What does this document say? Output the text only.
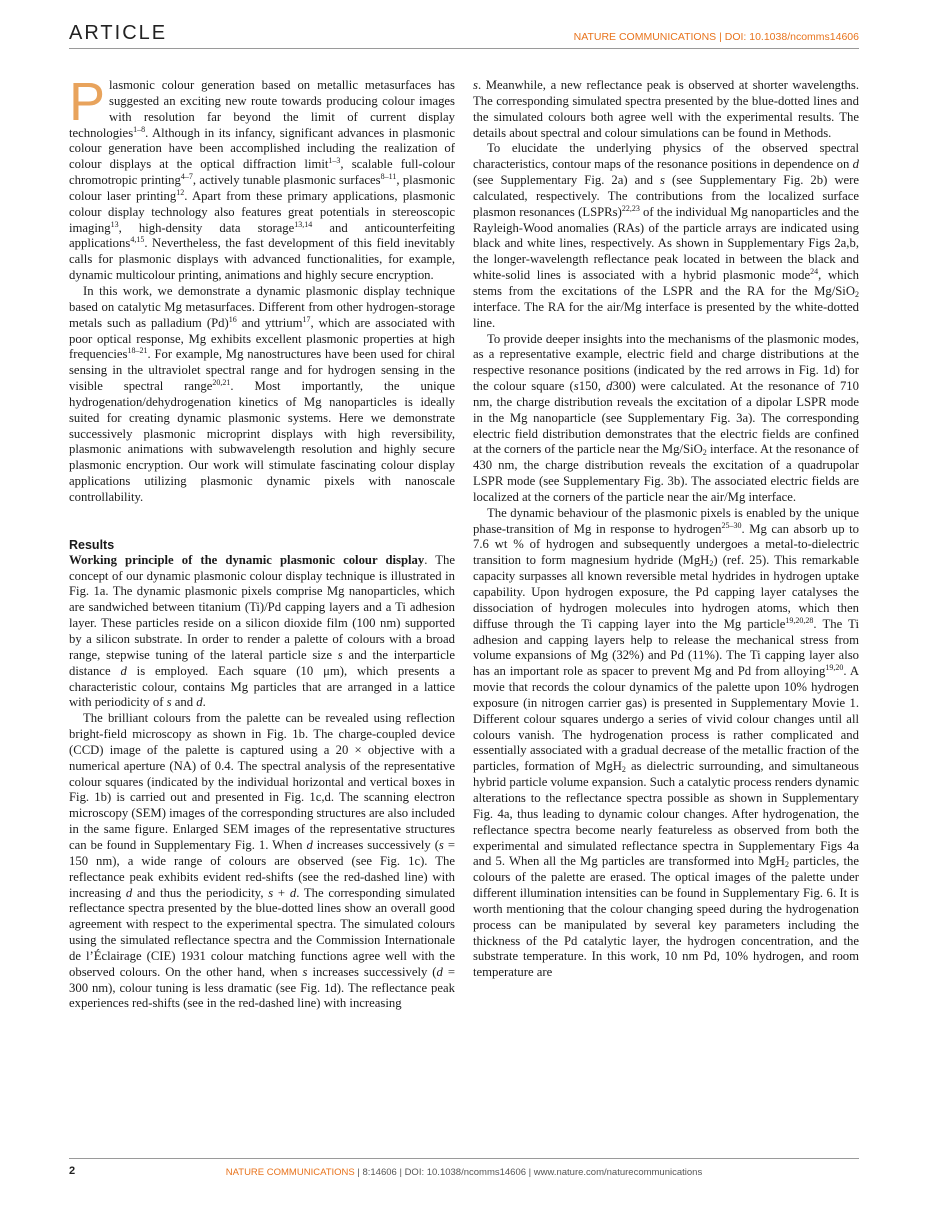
ARTICLE	NATURE COMMUNICATIONS | DOI: 10.1038/ncomms14606

Plasmonic colour generation based on metallic metasurfaces has suggested an exciting new route towards producing colour images with resolution far beyond the limit of current display technologies$^{1-8}$. Although in its infancy, significant advances in plasmonic colour generation have been accomplished including the realization of colour displays at the optical diffraction limit$^{1-3}$, scalable full-colour chromotropic printing$^{4-7}$, actively tunable plasmonic surfaces$^{8-11}$, plasmonic colour laser printing$^{12}$. Apart from these primary applications, plasmonic colour display technology also features great potentials in stereoscopic imaging$^{13}$, high-density data storage$^{13,14}$ and anticounterfeiting applications$^{4,15}$. Nevertheless, the fast development of this field inevitably calls for plasmonic displays with advanced functionalities, for example, dynamic multicolour printing, animations and highly secure encryption.

In this work, we demonstrate a dynamic plasmonic display technique based on catalytic Mg metasurfaces. Different from other hydrogen-storage metals such as palladium $(Pd)^{16}$ and yttrium$^{17}$, which are associated with poor optical response, Mg exhibits excellent plasmonic properties at high frequencies$^{18-21}$. For example, Mg nanostructures have been used for chiral sensing in the ultraviolet spectral range and for hydrogen sensing in the visible spectral range$^{20,21}$. Most importantly, the unique hydrogenation/dehydrogenation kinetics of Mg nanoparticles is ideally suited for creating dynamic plasmonic systems. Here we demonstrate successively plasmonic microprint displays with high reversibility, plasmonic animations with subwavelength resolution and highly secure plasmonic encryption. Our work will stimulate fascinating colour display applications utilizing plasmonic dynamic pixels with nanoscale controllability.

Results

Working principle of the dynamic plasmonic colour display. The concept of our dynamic plasmonic colour display technique is illustrated in Fig. 1a. The dynamic plasmonic pixels comprise Mg nanoparticles, which are sandwiched between titanium (Ti)/Pd capping layers and a Ti adhesion layer. These particles reside on a silicon dioxide film (100 nm) supported by a silicon substrate. In order to render a palette of colours with a broad range, stepwise tuning of the lateral particle size s and the interparticle distance d is employed. Each square (10 μm), which presents a characteristic colour, contains Mg particles that are arranged in a lattice with periodicity of s and d.

The brilliant colours from the palette can be revealed using reflection bright-field microscopy as shown in Fig. 1b. The charge-coupled device (CCD) image of the palette is captured using a 20 × objective with a numerical aperture (NA) of 0.4. The spectral analysis of the representative colour squares (indicated by the individual horizontal and vertical boxes in Fig. 1b) is carried out and presented in Fig. 1c,d. The scanning electron microscopy (SEM) images of the corresponding structures are also included in the same figure. Enlarged SEM images of the representative structures can be found in Supplementary Fig. 1. When d increases successively (s = 150 nm), a wide range of colours are observed (see Fig. 1c). The reflectance peak exhibits evident red-shifts (see the red-dashed line) with increasing d and thus the periodicity, s + d. The corresponding simulated reflectance spectra presented by the blue-dotted lines show an overall good agreement with respect to the experimental spectra. The simulated colours using the simulated reflectance spectra and the Commission Internationale de l’Éclairage (CIE) 1931 colour matching functions agree well with the observed colours. On the other hand, when s increases successively (d = 300 nm), colour tuning is less dramatic (see Fig. 1d). The reflectance peak experiences red-shifts (see in the red-dashed line) with increasing

s. Meanwhile, a new reflectance peak is observed at shorter wavelengths. The corresponding simulated spectra presented by the blue-dotted lines and the simulated colours both agree well with the experimental results. The details about spectral and colour simulations can be found in Methods.

To elucidate the underlying physics of the observed spectral characteristics, contour maps of the resonance positions in dependence on d (see Supplementary Fig. 2a) and s (see Supplementary Fig. 2b) were calculated, respectively. The contributions from the localized surface plasmon resonances (LSPRs)$^{22,23}$ of the individual Mg nanoparticles and the Rayleigh-Wood anomalies (RAs) of the particle arrays are indicated using black and white lines, respectively. As shown in Supplementary Figs 2a,b, the longer-wavelength reflectance peak located in between the black and white-solid lines is associated with a hybrid plasmonic mode$^{24}$, which stems from the excitations of the LSPR and the RA for the Mg/SiO$_2$ interface. The RA for the air/Mg interface is presented by the white-dotted line.

To provide deeper insights into the mechanisms of the plasmonic modes, as a representative example, electric field and charge distributions at the respective resonance positions (indicated by the red arrows in Fig. 1d) for the colour square (s150, d300) were calculated. At the resonance of 710 nm, the charge distribution reveals the excitation of a dipolar LSPR mode in the Mg nanoparticle (see Supplementary Fig. 3a). The corresponding electric field distribution demonstrates that the electric fields are confined at the corners of the particle near the Mg/SiO$_2$ interface. At the resonance of 430 nm, the charge distribution reveals the excitation of a quadrupolar LSPR mode (see Supplementary Fig. 3b). The associated electric fields are localized at the corners of the particle near the air/Mg interface.

The dynamic behaviour of the plasmonic pixels is enabled by the unique phase-transition of Mg in response to hydrogen$^{25-30}$. Mg can absorb up to 7.6 wt % of hydrogen and subsequently undergoes a metal-to-dielectric transition to form magnesium hydride (MgH$_2$) (ref. 25). This remarkable capacity surpasses all known reversible metal hydrides in hydrogen uptake capability. Upon hydrogen exposure, the Pd capping layer catalyses the dissociation of hydrogen molecules into hydrogen atoms, which then diffuse through the Ti capping layer into the Mg particle$^{19,20,28}$. The Ti adhesion and capping layers help to release the mechanical stress from volume expansions of Mg (32%) and Pd (11%). The Ti capping layer also has an important role as spacer to prevent Mg and Pd from alloying$^{19,20}$. A movie that records the colour dynamics of the palette upon 10% hydrogen exposure (in nitrogen carrier gas) is presented in Supplementary Movie 1. Different colour squares undergo a series of vivid colour changes until all colours vanish. The hydrogenation process is rather complicated and essentially associated with a gradual decrease of the metallic fraction of the particles, formation of MgH$_2$ as dielectric surrounding, and simultaneous hybrid particle volume expansion. Such a catalytic process renders dynamic alterations to the reflectance spectra possible as shown in Supplementary Fig. 4a, thus leading to dynamic colour changes. After hydrogenation, the reflectance spectra become nearly featureless as observed from both the experimental and simulated reflectance spectra in Supplementary Figs 4a and 5. When all the Mg particles are transformed into MgH$_2$ particles, the colours of the palette are erased. The optical images of the palette under different illumination intensities can be found in Supplementary Fig. 6. It is worth mentioning that the colour changing speed during the hydrogenation process can be manipulated by several key parameters including the thickness of the Pd catalytic layer, the hydrogen concentration, and the substrate temperature. In this work, 10 nm Pd, 10% hydrogen, and room temperature are

2	NATURE COMMUNICATIONS | 8:14606 | DOI: 10.1038/ncomms14606 | www.nature.com/naturecommunications
